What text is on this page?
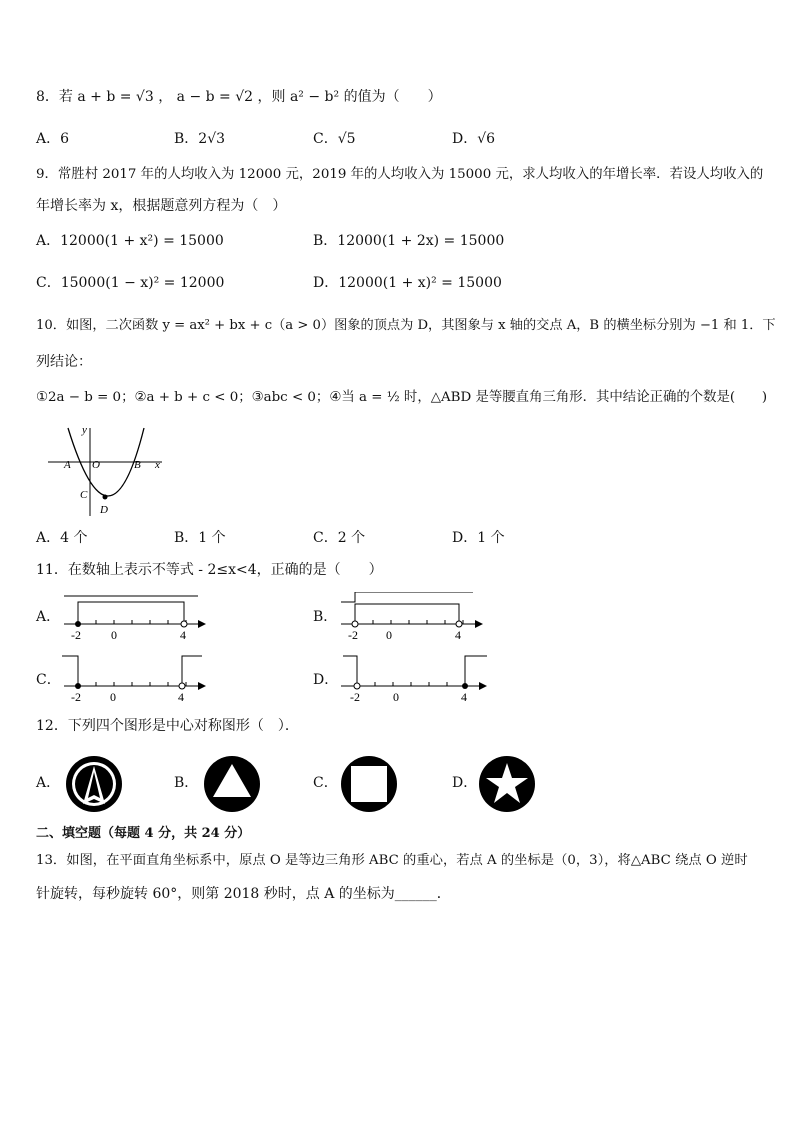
8．若 a + b = √3 ， a − b = √2 ，则 a² − b² 的值为（　　）
A．6	B．2√3	C．√5	D．√6
9．常胜村 2017 年的人均收入为 12000 元，2019 年的人均收入为 15000 元，求人均收入的年增长率．若设人均收入的
年增长率为 x，根据题意列方程为（　）
A．12000(1 + x²) = 15000	B．12000(1 + 2x) = 15000
C．15000(1 − x)² = 12000	D．12000(1 + x)² = 15000
10．如图，二次函数 y = ax² + bx + c（a > 0）图象的顶点为 D，其图象与 x 轴的交点 A，B 的横坐标分别为 −1 和 1．下
列结论：
①2a − b = 0；②a + b + c < 0；③abc < 0；④当 a = ½ 时，△ABD 是等腰直角三角形．其中结论正确的个数是(　　)
y
x
A O	B
C
D
A．4 个	B．1 个	C．2 个	D．1 个
11．在数轴上表示不等式 - 2≤x<4，正确的是（　　）
A．
-2	0	4
B．
-2 0	4
C．
-2 0	4
D．
-2	0	4
12．下列四个图形是中心对称图形（　）．
A．	B．	C．	D．
二、填空题（每题 4 分，共 24 分）
13．如图，在平面直角坐标系中，原点 O 是等边三角形 ABC 的重心，若点 A 的坐标是（0，3），将△ABC 绕点 O 逆时
针旋转，每秒旋转 60°，则第 2018 秒时，点 A 的坐标为______．
